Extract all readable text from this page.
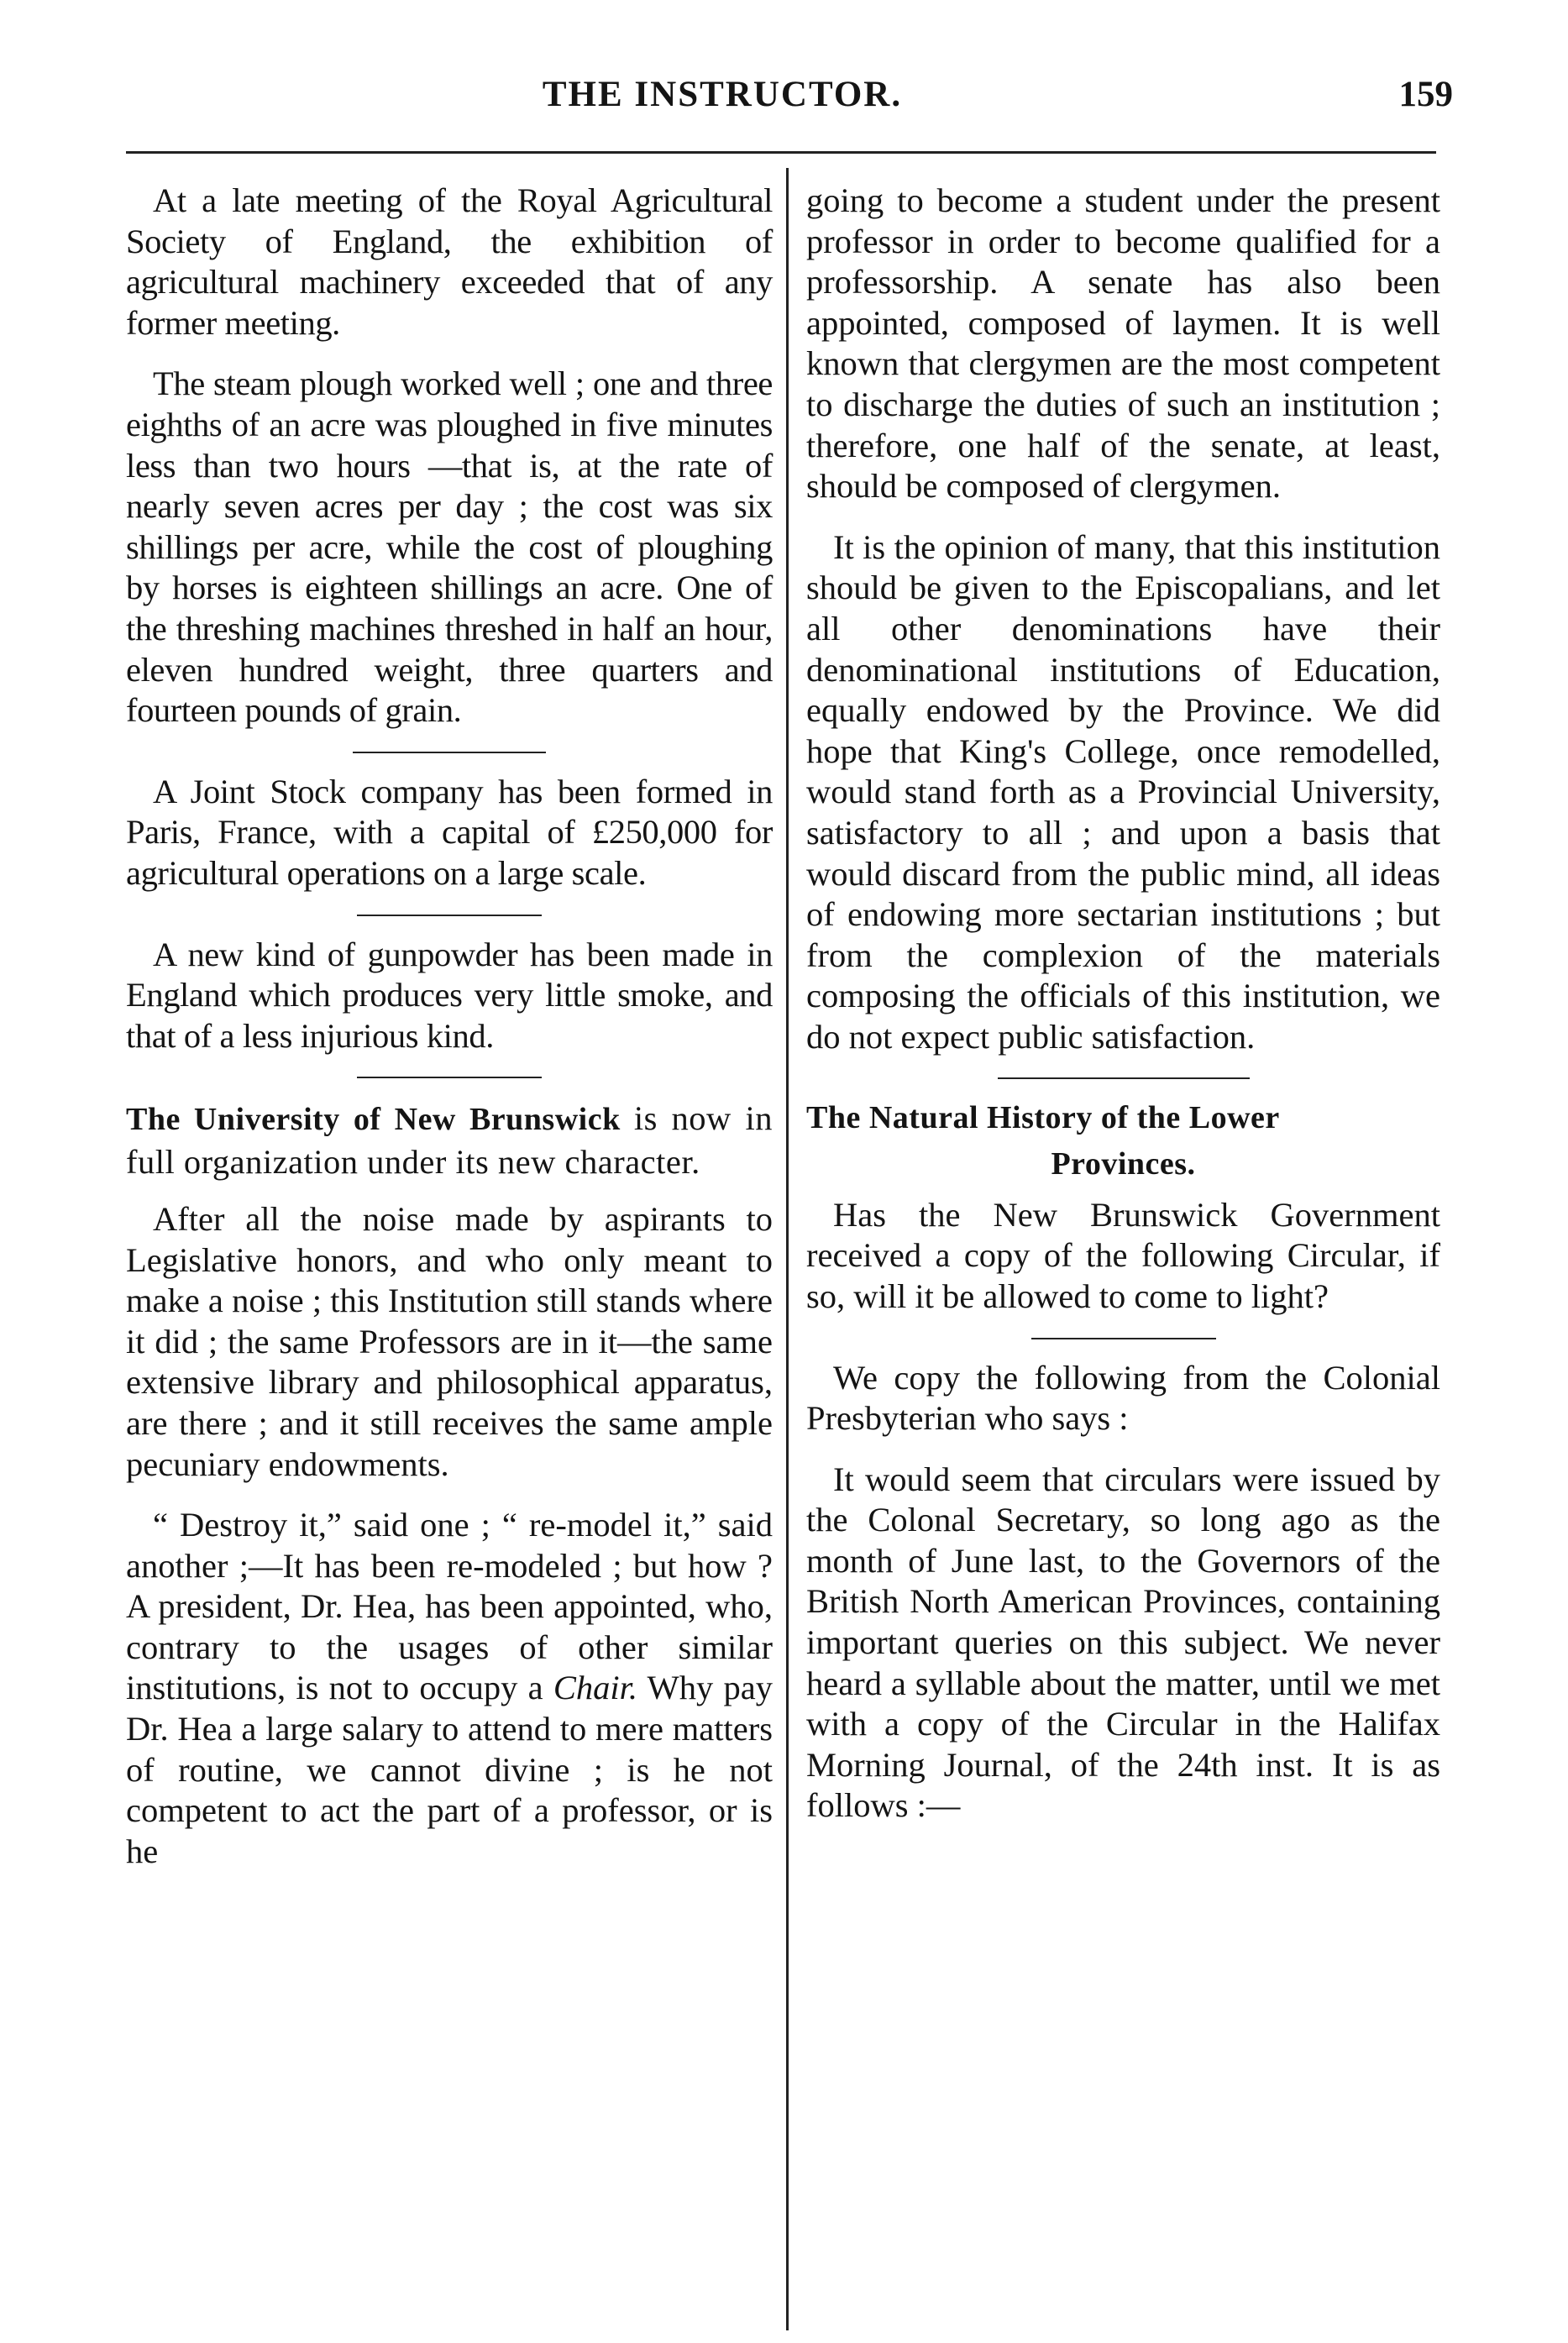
THE INSTRUCTOR.	159

At a late meeting of the Royal Agricultural Society of England, the exhibition of agricultural machinery exceeded that of any former meeting.

The steam plough worked well ; one and three eighths of an acre was ploughed in five minutes less than two hours —that is, at the rate of nearly seven acres per day ; the cost was six shillings per acre, while the cost of ploughing by horses is eighteen shillings an acre. One of the threshing machines threshed in half an hour, eleven hundred weight, three quarters and fourteen pounds of grain.

A Joint Stock company has been formed in Paris, France, with a capital of £250,000 for agricultural operations on a large scale.

A new kind of gunpowder has been made in England which produces very little smoke, and that of a less injurious kind.

The University of New Brunswick is now in full organization under its new character.

After all the noise made by aspirants to Legislative honors, and who only meant to make a noise ; this Institution still stands where it did ; the same Professors are in it—the same extensive library and philosophical apparatus, are there ; and it still receives the same ample pecuniary endowments.

“ Destroy it,” said one ; “ re-model it,” said another ;—It has been re-modeled ; but how ? A president, Dr. Hea, has been appointed, who, contrary to the usages of other similar institutions, is not to occupy a Chair. Why pay Dr. Hea a large salary to attend to mere matters of routine, we cannot divine ; is he not competent to act the part of a professor, or is he

going to become a student under the present professor in order to become qualified for a professorship. A senate has also been appointed, composed of laymen. It is well known that clergymen are the most competent to discharge the duties of such an institution ; therefore, one half of the senate, at least, should be composed of clergymen.

It is the opinion of many, that this institution should be given to the Episcopalians, and let all other denominations have their denominational institutions of Education, equally endowed by the Province. We did hope that King's College, once remodelled, would stand forth as a Provincial University, satisfactory to all ; and upon a basis that would discard from the public mind, all ideas of endowing more sectarian institutions ; but from the complexion of the materials composing the officials of this institution, we do not expect public satisfaction.

The Natural History of the Lower

Provinces.

Has the New Brunswick Government received a copy of the following Circular, if so, will it be allowed to come to light?

We copy the following from the Colonial Presbyterian who says :

It would seem that circulars were issued by the Colonal Secretary, so long ago as the month of June last, to the Governors of the British North American Provinces, containing important queries on this subject. We never heard a syllable about the matter, until we met with a copy of the Circular in the Halifax Morning Journal, of the 24th inst. It is as follows :—
